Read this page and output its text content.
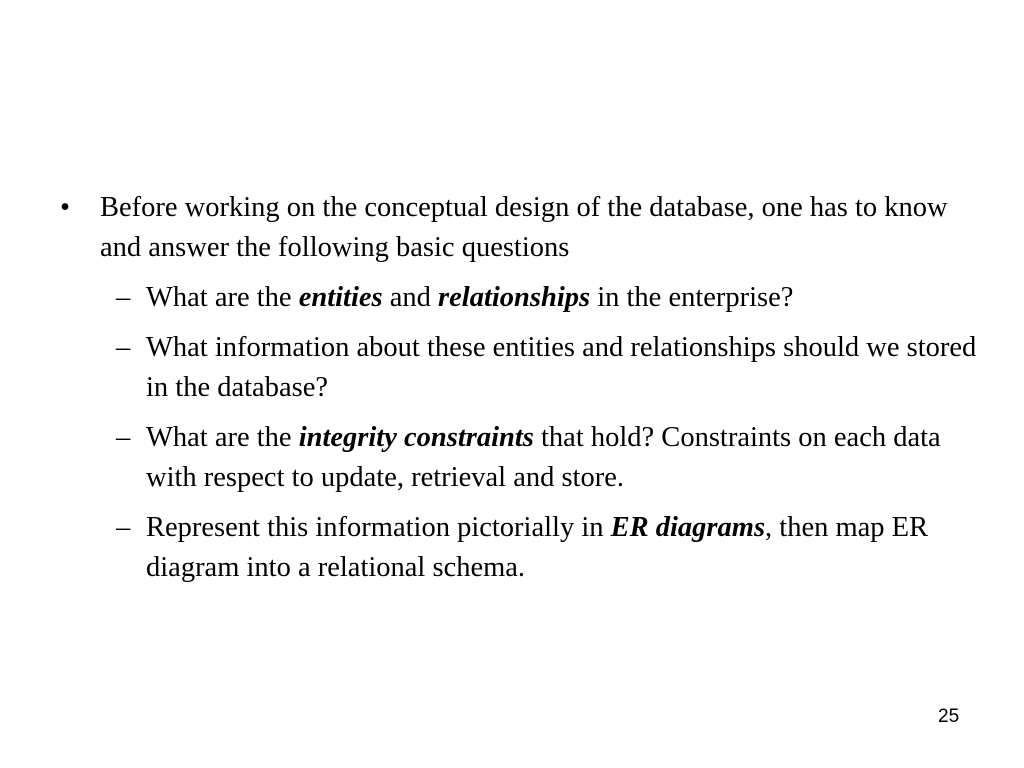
• Before working on the conceptual design of the database, one has to know and answer the following basic questions
– What are the entities and relationships in the enterprise?
– What information about these entities and relationships should we stored in the database?
– What are the integrity constraints that hold? Constraints on each data with respect to update, retrieval and store.
– Represent this information pictorially in ER diagrams, then map ER diagram into a relational schema.
25
